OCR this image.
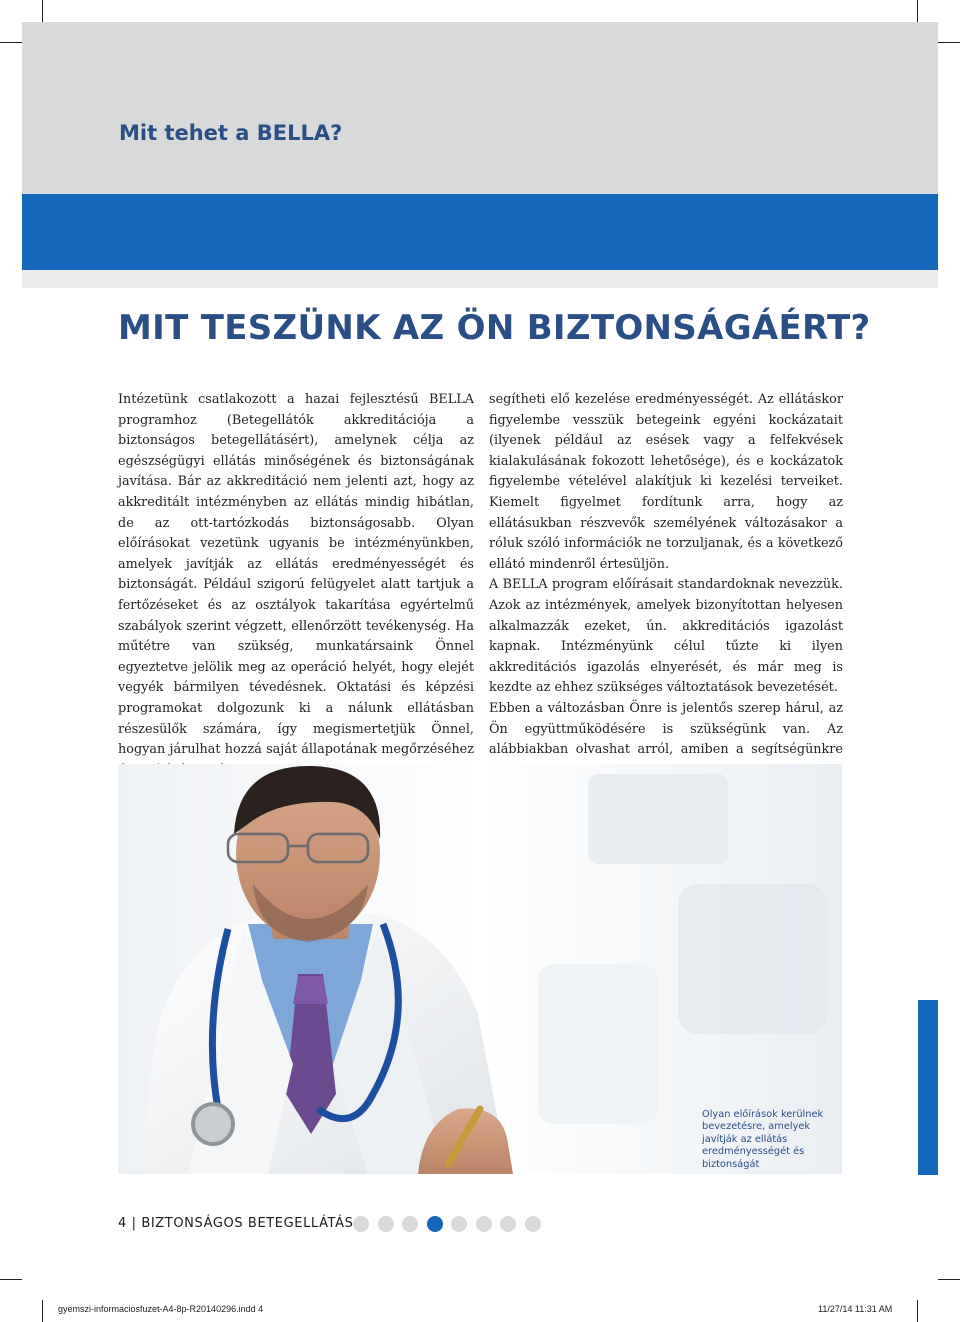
Mit tehet a BELLA?
MIT TESZÜNK AZ ÖN BIZTONSÁGÁÉRT?

Intézetünk csatlakozott a hazai fejlesztésű BELLA programhoz (Betegellátók akkreditációja a biztonságos betegellátásért), amelynek célja az egészségügyi ellátás minőségének és biztonságának javítása. Bár az akkreditáció nem jelenti azt, hogy az akkreditált intézményben az ellátás mindig hibátlan, de az ott-tartózkodás biztonságosabb. Olyan előírásokat vezetünk ugyanis be intézményünkben, amelyek javítják az ellátás eredményességét és biztonságát. Például szigorú felügyelet alatt tartjuk a fertőzéseket és az osztályok takarítása egyértelmű szabályok szerint végzett, ellenőrzött tevékenység. Ha műtétre van szükség, munkatársaink Önnel egyeztetve jelölik meg az operáció helyét, hogy elejét vegyék bármilyen tévedésnek. Oktatási és képzési programokat dolgozunk ki a nálunk ellátásban részesülők számára, így megismertetjük Önnel, hogyan járulhat hozzá saját állapotának megőrzéséhez

segítheti elő kezelése eredményességét. Az ellátáskor figyelembe vesszük betegeink egyéni kockázatait (ilyenek például az esések vagy a felfekvések kialakulásának fokozott lehetősége), és e kockázatok figyelembe vételével alakítjuk ki kezelési terveiket. Kiemelt figyelmet fordítunk arra, hogy az ellátásukban részvevők személyének változásakor a róluk szóló információk ne torzuljanak, és a következő ellátó mindenről értesüljön.

A BELLA program előírásait standardoknak nevezzük. Azok az intézmények, amelyek bizonyítottan helyesen alkalmazzák ezeket, ún. akkreditációs igazolást kapnak. Intézményünk célul tűzte ki ilyen akkreditációs igazolás elnyerését, és már meg is kezdte az ehhez szükséges változtatások bevezetését.

Ebben a változásban Önre is jelentős szerep hárul, az Ön együttműködésére is szükségünk van. Az alábbiakban olvashat arról, amiben a segítségünkre

Olyan előírások kerülnek bevezetésre, amelyek javítják az ellátás eredményességét és biztonságát
4 | BIZTONSÁGOS BETEGELLÁTÁS
gyemszi-informaciosfuzet-A4-8p-R20140296.indd 4	11/27/14 11:31 AM
